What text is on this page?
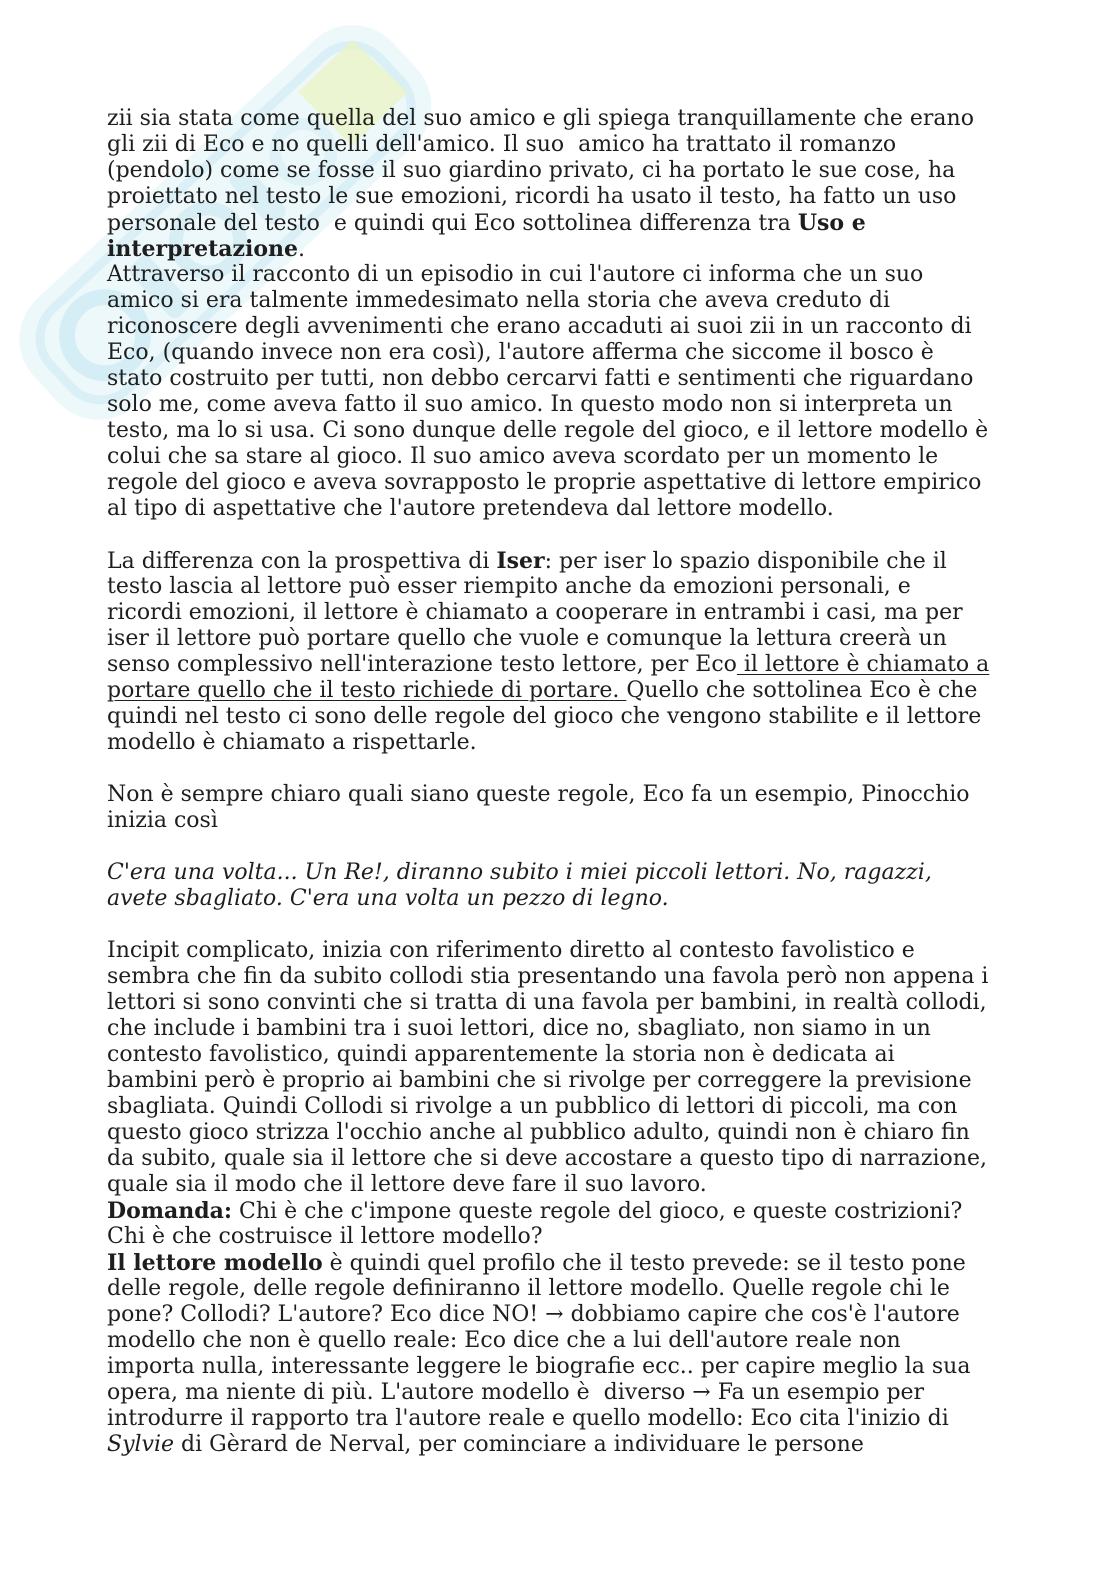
zii sia stata come quella del suo amico e gli spiega tranquillamente che erano
gli zii di Eco e no quelli dell'amico. Il suo  amico ha trattato il romanzo
(pendolo) come se fosse il suo giardino privato, ci ha portato le sue cose, ha
proiettato nel testo le sue emozioni, ricordi ha usato il testo, ha fatto un uso
personale del testo  e quindi qui Eco sottolinea differenza tra Uso e
interpretazione.
Attraverso il racconto di un episodio in cui l'autore ci informa che un suo
amico si era talmente immedesimato nella storia che aveva creduto di
riconoscere degli avvenimenti che erano accaduti ai suoi zii in un racconto di
Eco, (quando invece non era così), l'autore afferma che siccome il bosco è
stato costruito per tutti, non debbo cercarvi fatti e sentimenti che riguardano
solo me, come aveva fatto il suo amico. In questo modo non si interpreta un
testo, ma lo si usa. Ci sono dunque delle regole del gioco, e il lettore modello è
colui che sa stare al gioco. Il suo amico aveva scordato per un momento le
regole del gioco e aveva sovrapposto le proprie aspettative di lettore empirico
al tipo di aspettative che l'autore pretendeva dal lettore modello.
La differenza con la prospettiva di Iser: per iser lo spazio disponibile che il
testo lascia al lettore può esser riempito anche da emozioni personali, e
ricordi emozioni, il lettore è chiamato a cooperare in entrambi i casi, ma per
iser il lettore può portare quello che vuole e comunque la lettura creerà un
senso complessivo nell'interazione testo lettore, per Eco il lettore è chiamato a
portare quello che il testo richiede di portare. Quello che sottolinea Eco è che
quindi nel testo ci sono delle regole del gioco che vengono stabilite e il lettore
modello è chiamato a rispettarle.
Non è sempre chiaro quali siano queste regole, Eco fa un esempio, Pinocchio
inizia così
C'era una volta... Un Re!, diranno subito i miei piccoli lettori. No, ragazzi,
avete sbagliato. C'era una volta un pezzo di legno.
Incipit complicato, inizia con riferimento diretto al contesto favolistico e
sembra che fin da subito collodi stia presentando una favola però non appena i
lettori si sono convinti che si tratta di una favola per bambini, in realtà collodi,
che include i bambini tra i suoi lettori, dice no, sbagliato, non siamo in un
contesto favolistico, quindi apparentemente la storia non è dedicata ai
bambini però è proprio ai bambini che si rivolge per correggere la previsione
sbagliata. Quindi Collodi si rivolge a un pubblico di lettori di piccoli, ma con
questo gioco strizza l'occhio anche al pubblico adulto, quindi non è chiaro fin
da subito, quale sia il lettore che si deve accostare a questo tipo di narrazione,
quale sia il modo che il lettore deve fare il suo lavoro.
Domanda: Chi è che c'impone queste regole del gioco, e queste costrizioni?
Chi è che costruisce il lettore modello?
Il lettore modello è quindi quel profilo che il testo prevede: se il testo pone
delle regole, delle regole definiranno il lettore modello. Quelle regole chi le
pone? Collodi? L'autore? Eco dice NO! → dobbiamo capire che cos'è l'autore
modello che non è quello reale: Eco dice che a lui dell'autore reale non
importa nulla, interessante leggere le biografie ecc.. per capire meglio la sua
opera, ma niente di più. L'autore modello è  diverso → Fa un esempio per
introdurre il rapporto tra l'autore reale e quello modello: Eco cita l'inizio di
Sylvie di Gèrard de Nerval, per cominciare a individuare le persone
